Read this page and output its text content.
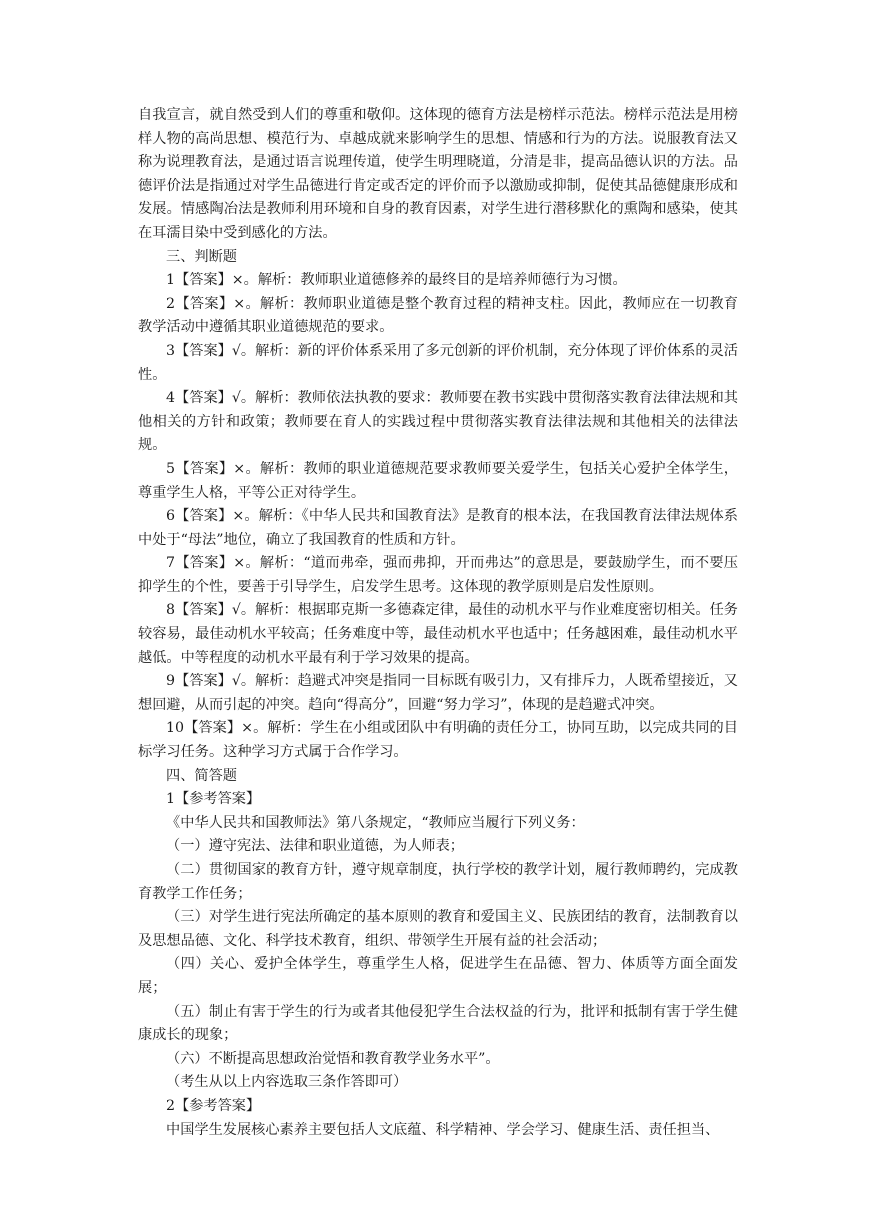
自我宣言，就自然受到人们的尊重和敬仰。这体现的德育方法是榜样示范法。榜样示范法是用榜样人物的高尚思想、模范行为、卓越成就来影响学生的思想、情感和行为的方法。说服教育法又称为说理教育法，是通过语言说理传道，使学生明理晓道，分清是非，提高品德认识的方法。品德评价法是指通过对学生品德进行肯定或否定的评价而予以激励或抑制，促使其品德健康形成和发展。情感陶冶法是教师利用环境和自身的教育因素，对学生进行潜移默化的熏陶和感染，使其在耳濡目染中受到感化的方法。

三、判断题

1【答案】×。解析：教师职业道德修养的最终目的是培养师德行为习惯。

2【答案】×。解析：教师职业道德是整个教育过程的精神支柱。因此，教师应在一切教育教学活动中遵循其职业道德规范的要求。

3【答案】√。解析：新的评价体系采用了多元创新的评价机制，充分体现了评价体系的灵活性。

4【答案】√。解析：教师依法执教的要求：教师要在教书实践中贯彻落实教育法律法规和其他相关的方针和政策；教师要在育人的实践过程中贯彻落实教育法律法规和其他相关的法律法规。

5【答案】×。解析：教师的职业道德规范要求教师要关爱学生，包括关心爱护全体学生，尊重学生人格，平等公正对待学生。

6【答案】×。解析：《中华人民共和国教育法》是教育的根本法，在我国教育法律法规体系中处于“母法”地位，确立了我国教育的性质和方针。

7【答案】×。解析：“道而弗牵，强而弗抑，开而弗达”的意思是，要鼓励学生，而不要压抑学生的个性，要善于引导学生，启发学生思考。这体现的教学原则是启发性原则。

8【答案】√。解析：根据耶克斯一多德森定律，最佳的动机水平与作业难度密切相关。任务较容易，最佳动机水平较高；任务难度中等，最佳动机水平也适中；任务越困难，最佳动机水平越低。中等程度的动机水平最有利于学习效果的提高。

9【答案】√。解析：趋避式冲突是指同一目标既有吸引力，又有排斥力，人既希望接近，又想回避，从而引起的冲突。趋向“得高分”，回避“努力学习”，体现的是趋避式冲突。

10【答案】×。解析：学生在小组或团队中有明确的责任分工，协同互助，以完成共同的目标学习任务。这种学习方式属于合作学习。

四、简答题

1【参考答案】

《中华人民共和国教师法》第八条规定，“教师应当履行下列义务：

（一）遵守宪法、法律和职业道德，为人师表；

（二）贯彻国家的教育方针，遵守规章制度，执行学校的教学计划，履行教师聘约，完成教育教学工作任务；

（三）对学生进行宪法所确定的基本原则的教育和爱国主义、民族团结的教育，法制教育以及思想品德、文化、科学技术教育，组织、带领学生开展有益的社会活动；

（四）关心、爱护全体学生，尊重学生人格，促进学生在品德、智力、体质等方面全面发展；

（五）制止有害于学生的行为或者其他侵犯学生合法权益的行为，批评和抵制有害于学生健康成长的现象；

（六）不断提高思想政治觉悟和教育教学业务水平”。

（考生从以上内容选取三条作答即可）

2【参考答案】

中国学生发展核心素养主要包括人文底蕴、科学精神、学会学习、健康生活、责任担当、
